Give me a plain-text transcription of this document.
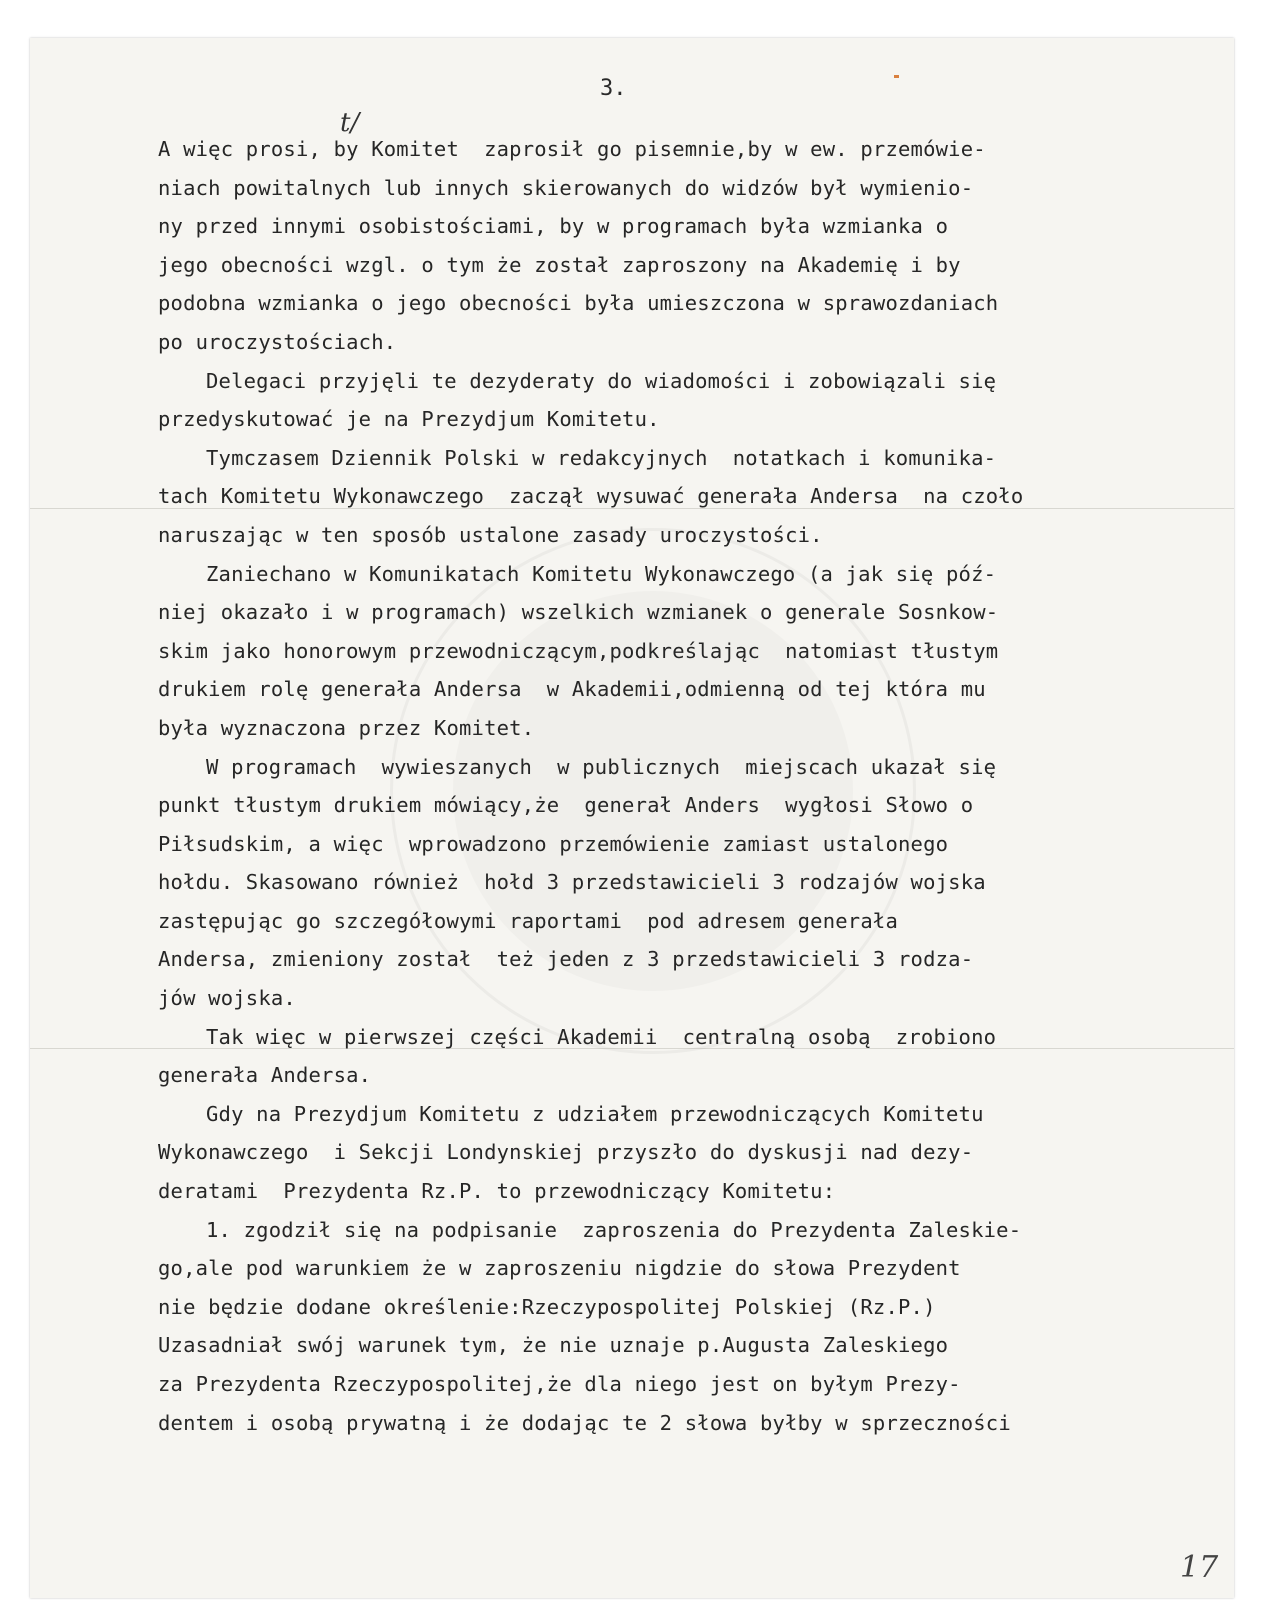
3.
t/
A więc prosi, by Komitet  zaprosił go pisemnie,by w ew. przemówie-
niach powitalnych lub innych skierowanych do widzów był wymienio-
ny przed innymi osobistościami, by w programach była wzmianka o
jego obecności wzgl. o tym że został zaproszony na Akademię i by
podobna wzmianka o jego obecności była umieszczona w sprawozdaniach
po uroczystościach.
Delegaci przyjęli te dezyderaty do wiadomości i zobowiązali się
przedyskutować je na Prezydjum Komitetu.
Tymczasem Dziennik Polski w redakcyjnych  notatkach i komunika-
tach Komitetu Wykonawczego  zaczął wysuwać generała Andersa  na czoło
naruszając w ten sposób ustalone zasady uroczystości.
Zaniechano w Komunikatach Komitetu Wykonawczego (a jak się póź-
niej okazało i w programach) wszelkich wzmianek o generale Sosnkow-
skim jako honorowym przewodniczącym,podkreślając  natomiast tłustym
drukiem rolę generała Andersa  w Akademii,odmienną od tej która mu
była wyznaczona przez Komitet.
W programach  wywieszanych  w publicznych  miejscach ukazał się
punkt tłustym drukiem mówiący,że  generał Anders  wygłosi Słowo o
Piłsudskim, a więc  wprowadzono przemówienie zamiast ustalonego
hołdu. Skasowano również  hołd 3 przedstawicieli 3 rodzajów wojska
zastępując go szczegółowymi raportami  pod adresem generała
Andersa, zmieniony został  też jeden z 3 przedstawicieli 3 rodza-
jów wojska.
Tak więc w pierwszej części Akademii  centralną osobą  zrobiono
generała Andersa.
Gdy na Prezydjum Komitetu z udziałem przewodniczących Komitetu
Wykonawczego  i Sekcji Londynskiej przyszło do dyskusji nad dezy-
deratami  Prezydenta Rz.P. to przewodniczący Komitetu:
1. zgodził się na podpisanie  zaproszenia do Prezydenta Zaleskie-
go,ale pod warunkiem że w zaproszeniu nigdzie do słowa Prezydent
nie będzie dodane określenie:Rzeczypospolitej Polskiej (Rz.P.)
Uzasadniał swój warunek tym, że nie uznaje p.Augusta Zaleskiego
za Prezydenta Rzeczypospolitej,że dla niego jest on byłym Prezy-
dentem i osobą prywatną i że dodając te 2 słowa byłby w sprzeczności
17
